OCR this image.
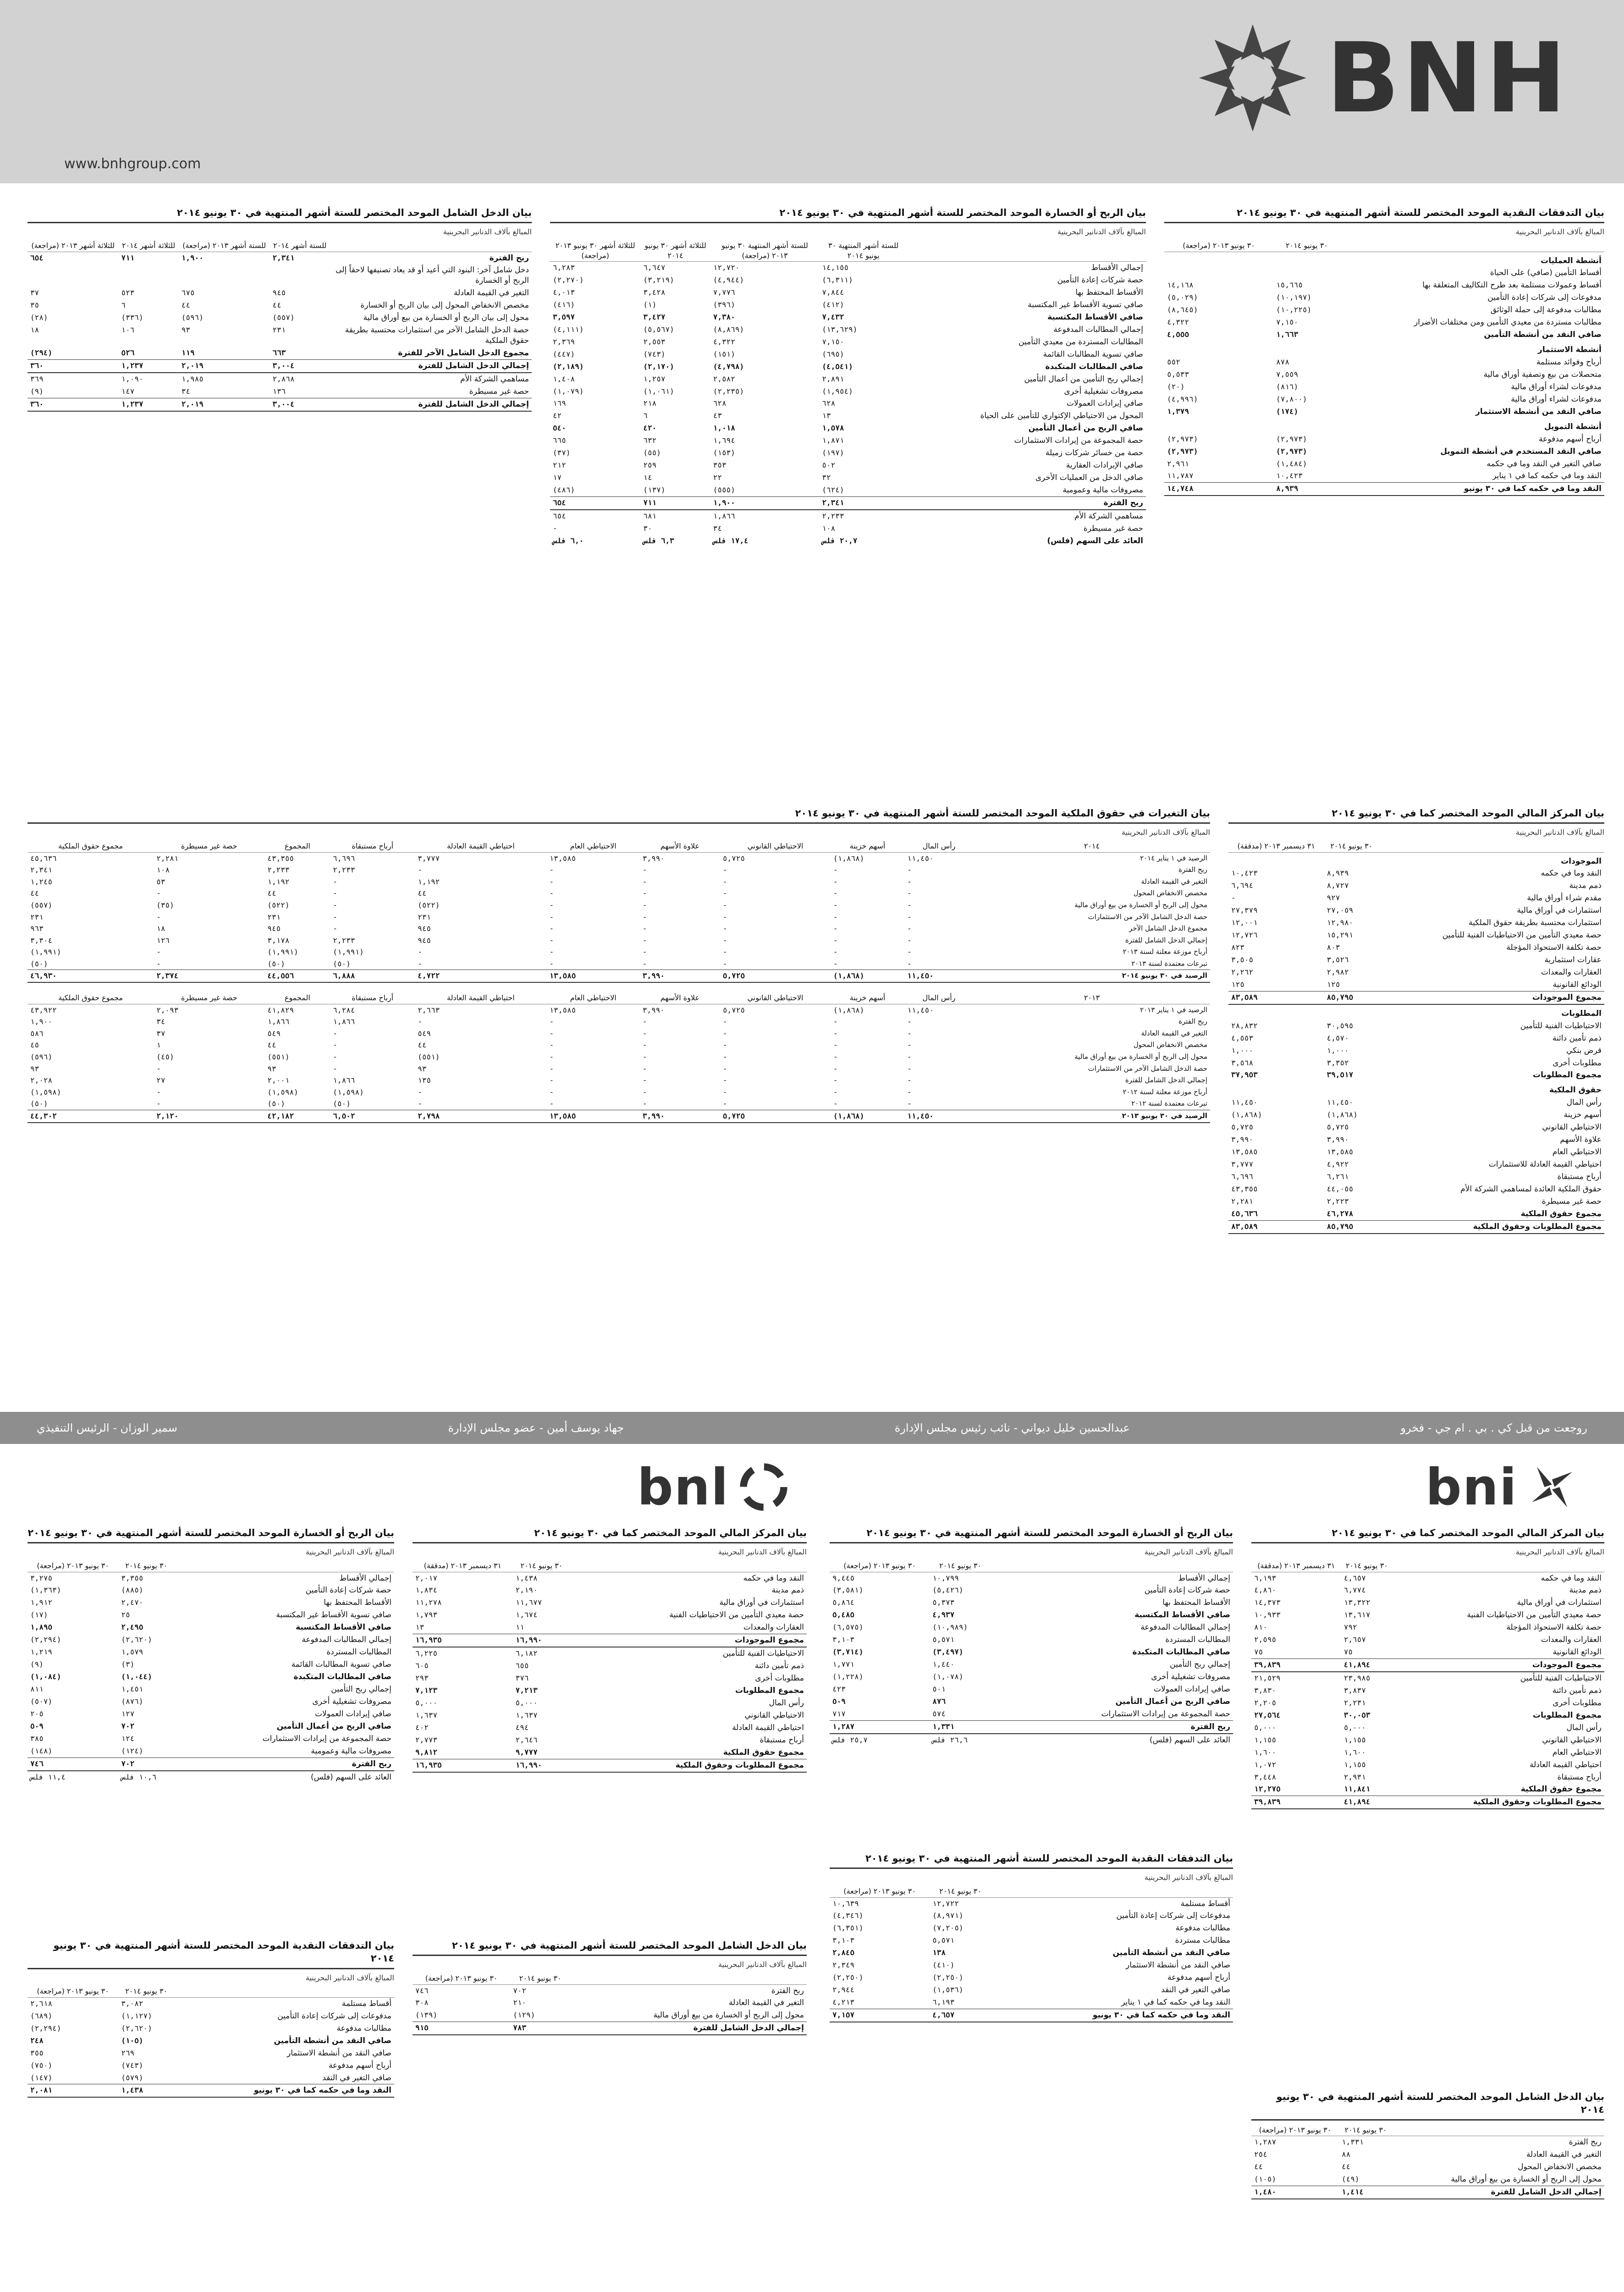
www.bnhgroup.com
BNH
بيان التدفقات النقدية الموحد المختصر للستة أشهر المنتهية في ٣٠ يونيو ٢٠١٤
المبالغ بآلاف الدنانير البحرينية
	٣٠ يونيو ٢٠١٤	٣٠ يونيو ٢٠١٣ (مراجعة)
أنشطة العمليات		
أقساط التأمين (صافي) على الحياة		
أقساط وعمولات مستلمة بعد طرح التكاليف المتعلقة بها	١٥,٦٦٥	١٤,١٦٨
مدفوعات إلى شركات إعادة التأمين	(١٠,١٩٧)	(٥,٠٢٩)
مطالبات مدفوعة إلى حملة الوثائق	(١٠,٢٢٥)	(٨,٦٤٥)
مطالبات مستردة من معيدي التأمين ومن مختلفات الأضرار	٧,١٥٠	٤,٣٢٢
صافي النقد من أنشطة التأمين	١,٦٦٣	٤,٥٥٥
أنشطة الاستثمار		
أرباح وفوائد مستلمة	٨٧٨	٥٥٢
متحصلات من بيع وتصفية أوراق مالية	٧,٥٥٩	٥,٥٣٣
مدفوعات لشراء أوراق مالية	(٨١٦)	(٢٠)
مدفوعات لشراء أوراق مالية	(٧,٨٠٠)	(٤,٩٩٦)
صافي النقد من أنشطة الاستثمار	(١٧٤)	١,٣٧٩
أنشطة التمويل		
أرباح أسهم مدفوعة	(٢,٩٧٣)	(٢,٩٧٣)
صافي النقد المستخدم في أنشطة التمويل	(٢,٩٧٣)	(٢,٩٧٣)
صافي التغير في النقد وما في حكمه	(١,٤٨٤)	٢,٩٦١
النقد وما في حكمه كما في ١ يناير	١٠,٤٢٣	١١,٧٨٧
النقد وما في حكمه كما في ٣٠ يونيو	٨,٩٣٩	١٤,٧٤٨
بيان الربح أو الخسارة الموحد المختصر للستة أشهر المنتهية في ٣٠ يونيو ٢٠١٤
المبالغ بآلاف الدنانير البحرينية
	للستة أشهر المنتهية ٣٠ يونيو ٢٠١٤	للستة أشهر المنتهية ٣٠ يونيو ٢٠١٣ (مراجعة)	للثلاثة أشهر ٣٠ يونيو ٢٠١٤	للثلاثة أشهر ٣٠ يونيو ٢٠١٣ (مراجعة)
إجمالي الأقساط	١٤,١٥٥	١٢,٧٢٠	٦,٦٤٧	٦,٢٨٣
حصة شركات إعادة التأمين	(٦,٣١١)	(٤,٩٤٤)	(٣,٢١٩)	(٢,٢٧٠)
الأقساط المحتفظ بها	٧,٨٤٤	٧,٧٧٦	٣,٤٢٨	٤,٠١٣
صافي تسوية الأقساط غير المكتسبة	(٤١٢)	(٣٩٦)	(١)	(٤١٦)
صافي الأقساط المكتسبة	٧,٤٣٢	٧,٣٨٠	٣,٤٢٧	٣,٥٩٧
إجمالي المطالبات المدفوعة	(١٣,٦٢٩)	(٨,٨٦٩)	(٥,٥٦٧)	(٤,١١١)
المطالبات المستردة من معيدي التأمين	٧,١٥٠	٤,٣٢٢	٢,٥٥٣	٢,٣٦٩
صافي تسوية المطالبات القائمة	(٦٩٥)	(١٥١)	(٧٤٣)	(٤٤٧)
صافي المطالبات المتكبدة	(٤,٥٤١)	(٤,٧٩٨)	(٢,١٧٠)	(٢,١٨٩)
إجمالي ربح التأمين من أعمال التأمين	٢,٨٩١	٢,٥٨٢	١,٢٥٧	١,٤٠٨
مصروفات تشغيلية أخرى	(١,٩٥٤)	(٢,٢٣٥)	(١,٠٦١)	(١,٠٧٩)
صافي إيرادات العمولات	٦٢٨	٦٢٨	٢١٨	١٦٩
المحول من الاحتياطي الإكتواري للتأمين على الحياة	١٣	٤٣	٦	٤٢
صافي الربح من أعمال التأمين	١,٥٧٨	١,٠١٨	٤٢٠	٥٤٠
حصة المجموعة من إيرادات الاستثمارات	١,٨٧١	١,٦٩٤	٦٣٢	٦٦٥
حصة من خسائر شركات زميلة	(١٩٧)	(١٥٣)	(٥٥)	(٣٧)
صافي الإيرادات العقارية	٥٠٢	٣٥٣	٢٥٩	٢١٢
صافي الدخل من العمليات الأخرى	٣٢	٢٢	١٤	١٧
مصروفات مالية وعمومية	(٦٢٤)	(٥٥٥)	(١٣٧)	(٤٨٦)
ربح الفترة	٢,٣٤١	١,٩٠٠	٧١١	٦٥٤
مساهمي الشركة الأم	٢,٢٣٣	١,٨٦٦	٦٨١	٦٥٤
حصة غير مسيطرة	١٠٨	٣٤	٣٠	-
العائد على السهم (فلس)	٢٠,٧ فلس	١٧,٤ فلس	٦,٣ فلس	٦,٠ فلس
بيان الدخل الشامل الموحد المختصر للستة أشهر المنتهية في ٣٠ يونيو ٢٠١٤
المبالغ بآلاف الدنانير البحرينية
	للستة أشهر ٢٠١٤	للستة أشهر ٢٠١٣ (مراجعة)	للثلاثة أشهر ٢٠١٤	للثلاثة أشهر ٢٠١٣ (مراجعة)
ربح الفترة	٢,٣٤١	١,٩٠٠	٧١١	٦٥٤
دخل شامل آخر: البنود التي أعيد أو قد يعاد تصنيفها لاحقاً إلى الربح أو الخسارة				
التغير في القيمة العادلة	٩٤٥	٦٧٥	٥٢٣	٣٧
مخصص الانخفاض المحول إلى بيان الربح أو الخسارة	٤٤	٤٤	٦	٣٥
محول إلى بيان الربح أو الخسارة من بيع أوراق مالية	(٥٥٧)	(٥٩٦)	(٣٣٦)	(٢٨)
حصة الدخل الشامل الآخر من استثمارات محتسبة بطريقة حقوق الملكية	٢٣١	٩٣	١٠٦	١٨
مجموع الدخل الشامل الآخر للفترة	٦٦٣	١١٩	٥٢٦	(٢٩٤)
إجمالي الدخل الشامل للفترة	٣,٠٠٤	٢,٠١٩	١,٢٣٧	٣٦٠
مساهمي الشركة الأم	٢,٨٦٨	١,٩٨٥	١,٠٩٠	٣٦٩
حصة غير مسيطرة	١٣٦	٣٤	١٤٧	(٩)
إجمالي الدخل الشامل للفترة	٣,٠٠٤	٢,٠١٩	١,٢٣٧	٣٦٠
بيان المركز المالي الموحد المختصر كما في ٣٠ يونيو ٢٠١٤
المبالغ بآلاف الدنانير البحرينية
	٣٠ يونيو ٢٠١٤	٣١ ديسمبر ٢٠١٣ (مدققة)
الموجودات		
النقد وما في حكمه	٨,٩٣٩	١٠,٤٢٣
ذمم مدينة	٨,٧٢٧	٦,٦٩٤
مقدم شراء أوراق مالية	٩٢٧	-
استثمارات في أوراق مالية	٢٧,٠٥٩	٢٧,٣٧٩
استثمارات محتسبة بطريقة حقوق الملكية	١٢,٩٨٠	١٢,٠٠١
حصة معيدي التأمين من الاحتياطيات الفنية للتأمين	١٥,٢٩١	١٢,٧٢٦
حصة تكلفة الاستحواذ المؤجلة	٨٠٣	٨٢٣
عقارات استثمارية	٣,٥٢٦	٣,٥٠٥
العقارات والمعدات	٢,٩٨٢	٢,٢٦٢
الودائع القانونية	١٢٥	١٢٥
مجموع الموجودات	٨٥,٧٩٥	٨٣,٥٨٩
المطلوبات		
الاحتياطيات الفنية للتأمين	٣٠,٥٩٥	٢٨,٨٣٢
ذمم تأمين دائنة	٤,٥٧٠	٤,٥٥٣
قرض بنكي	١,٠٠٠	١,٠٠٠
مطلوبات أخرى	٣,٣٥٢	٣,٥٦٨
مجموع المطلوبات	٣٩,٥١٧	٣٧,٩٥٣
حقوق الملكية		
رأس المال	١١,٤٥٠	١١,٤٥٠
أسهم خزينة	(١,٨٦٨)	(١,٨٦٨)
الاحتياطي القانوني	٥,٧٢٥	٥,٧٢٥
علاوة الأسهم	٣,٩٩٠	٣,٩٩٠
الاحتياطي العام	١٣,٥٨٥	١٣,٥٨٥
احتياطي القيمة العادلة للاستثمارات	٤,٩٢٢	٣,٧٧٧
أرباح مستبقاة	٦,٢٦١	٦,٦٩٦
حقوق الملكية العائدة لمساهمي الشركة الأم	٤٤,٠٥٥	٤٣,٣٥٥
حصة غير مسيطرة	٢,٢٢٣	٢,٢٨١
مجموع حقوق الملكية	٤٦,٢٧٨	٤٥,٦٣٦
مجموع المطلوبات وحقوق الملكية	٨٥,٧٩٥	٨٣,٥٨٩
بيان التغيرات في حقوق الملكية الموحد المختصر للستة أشهر المنتهية في ٣٠ يونيو ٢٠١٤
المبالغ بآلاف الدنانير البحرينية
٢٠١٤	رأس المال	أسهم خزينة	الاحتياطي القانوني	علاوة الأسهم	الاحتياطي العام	احتياطي القيمة العادلة	أرباح مستبقاة	المجموع	حصة غير مسيطرة	مجموع حقوق الملكية
الرصيد في ١ يناير ٢٠١٤	١١,٤٥٠	(١,٨٦٨)	٥,٧٢٥	٣,٩٩٠	١٣,٥٨٥	٣,٧٧٧	٦,٦٩٦	٤٣,٣٥٥	٢,٢٨١	٤٥,٦٣٦
ربح الفترة	-	-	-	-	-	-	٢,٢٣٣	٢,٢٣٣	١٠٨	٢,٣٤١
التغير في القيمة العادلة	-	-	-	-	-	١,١٩٢	-	١,١٩٢	٥٣	١,٢٤٥
مخصص الانخفاض المحول	-	-	-	-	-	٤٤	-	٤٤	-	٤٤
محول إلى الربح أو الخسارة من بيع أوراق مالية	-	-	-	-	-	(٥٢٢)	-	(٥٢٢)	(٣٥)	(٥٥٧)
حصة الدخل الشامل الآخر من الاستثمارات	-	-	-	-	-	٢٣١	-	٢٣١	-	٢٣١
مجموع الدخل الشامل الآخر	-	-	-	-	-	٩٤٥	-	٩٤٥	١٨	٩٦٣
إجمالي الدخل الشامل للفترة	-	-	-	-	-	٩٤٥	٢,٢٣٣	٣,١٧٨	١٢٦	٣,٣٠٤
أرباح موزعة معلنة لسنة ٢٠١٣	-	-	-	-	-	-	(١,٩٩١)	(١,٩٩١)	-	(١,٩٩١)
تبرعات معتمدة لسنة ٢٠١٣	-	-	-	-	-	-	(٥٠)	(٥٠)	-	(٥٠)
الرصيد في ٣٠ يونيو ٢٠١٤	١١,٤٥٠	(١,٨٦٨)	٥,٧٢٥	٣,٩٩٠	١٣,٥٨٥	٤,٧٢٢	٦,٨٨٨	٤٤,٥٥٦	٢,٣٧٤	٤٦,٩٣٠
٢٠١٣	رأس المال	أسهم خزينة	الاحتياطي القانوني	علاوة الأسهم	الاحتياطي العام	احتياطي القيمة العادلة	أرباح مستبقاة	المجموع	حصة غير مسيطرة	مجموع حقوق الملكية
الرصيد في ١ يناير ٢٠١٣	١١,٤٥٠	(١,٨٦٨)	٥,٧٢٥	٣,٩٩٠	١٣,٥٨٥	٢,٦٦٣	٦,٢٨٤	٤١,٨٢٩	٢,٠٩٣	٤٣,٩٢٢
ربح الفترة	-	-	-	-	-	-	١,٨٦٦	١,٨٦٦	٣٤	١,٩٠٠
التغير في القيمة العادلة	-	-	-	-	-	٥٤٩	-	٥٤٩	٣٧	٥٨٦
مخصص الانخفاض المحول	-	-	-	-	-	٤٤	-	٤٤	١	٤٥
محول إلى الربح أو الخسارة من بيع أوراق مالية	-	-	-	-	-	(٥٥١)	-	(٥٥١)	(٤٥)	(٥٩٦)
حصة الدخل الشامل الآخر من الاستثمارات	-	-	-	-	-	٩٣	-	٩٣	-	٩٣
إجمالي الدخل الشامل للفترة	-	-	-	-	-	١٣٥	١,٨٦٦	٢,٠٠١	٢٧	٢,٠٢٨
أرباح موزعة معلنة لسنة ٢٠١٢	-	-	-	-	-	-	(١,٥٩٨)	(١,٥٩٨)	-	(١,٥٩٨)
تبرعات معتمدة لسنة ٢٠١٢	-	-	-	-	-	-	(٥٠)	(٥٠)	-	(٥٠)
الرصيد في ٣٠ يونيو ٢٠١٣	١١,٤٥٠	(١,٨٦٨)	٥,٧٢٥	٣,٩٩٠	١٣,٥٨٥	٢,٧٩٨	٦,٥٠٢	٤٢,١٨٢	٢,١٢٠	٤٤,٣٠٢
روجعت من قبل كي . بي . ام جي - فخرو
عبدالحسين خليل ديواني - نائب رئيس مجلس الإدارة
جهاد يوسف أمين - عضو مجلس الإدارة
سمير الوزان - الرئيس التنفيذي
bnl	bni
بيان المركز المالي الموحد المختصر كما في ٣٠ يونيو ٢٠١٤
المبالغ بآلاف الدنانير البحرينية
	٣٠ يونيو ٢٠١٤	٣١ ديسمبر ٢٠١٣ (مدققة)
النقد وما في حكمه	١,٤٣٨	٢,٠١٧
ذمم مدينة	٢,١٩٠	١,٨٣٤
استثمارات في أوراق مالية	١١,٦٧٧	١١,٢٧٨
حصة معيدي التأمين من الاحتياطيات الفنية	١,٦٧٤	١,٧٩٣
العقارات والمعدات	١١	١٣
مجموع الموجودات	١٦,٩٩٠	١٦,٩٣٥
الاحتياطيات الفنية للتأمين	٦,١٨٢	٦,٢٢٥
ذمم تأمين دائنة	٦٥٥	٦٠٥
مطلوبات أخرى	٣٧٦	٢٩٣
مجموع المطلوبات	٧,٢١٣	٧,١٢٣
رأس المال	٥,٠٠٠	٥,٠٠٠
الاحتياطي القانوني	١,٦٣٧	١,٦٣٧
احتياطي القيمة العادلة	٤٩٤	٤٠٢
أرباح مستبقاة	٢,٦٤٦	٢,٧٧٣
مجموع حقوق الملكية	٩,٧٧٧	٩,٨١٢
مجموع المطلوبات وحقوق الملكية	١٦,٩٩٠	١٦,٩٣٥
بيان الربح أو الخسارة الموحد المختصر للستة أشهر المنتهية في ٣٠ يونيو ٢٠١٤
المبالغ بآلاف الدنانير البحرينية
	٣٠ يونيو ٢٠١٤	٣٠ يونيو ٢٠١٣ (مراجعة)
إجمالي الأقساط	٣,٣٥٥	٣,٢٧٥
حصة شركات إعادة التأمين	(٨٨٥)	(١,٣٦٣)
الأقساط المحتفظ بها	٢,٤٧٠	١,٩١٢
صافي تسوية الأقساط غير المكتسبة	٢٥	(١٧)
صافي الأقساط المكتسبة	٢,٤٩٥	١,٨٩٥
إجمالي المطالبات المدفوعة	(٢,٦٢٠)	(٢,٢٩٤)
المطالبات المستردة	١,٥٧٩	١,٢١٩
صافي تسوية المطالبات القائمة	(٣)	(٩)
صافي المطالبات المتكبدة	(١,٠٤٤)	(١,٠٨٤)
إجمالي ربح التأمين	١,٤٥١	٨١١
مصروفات تشغيلية أخرى	(٨٧٦)	(٥٠٧)
صافي إيرادات العمولات	١٢٧	٢٠٥
صافي الربح من أعمال التأمين	٧٠٢	٥٠٩
حصة المجموعة من إيرادات الاستثمارات	١٢٤	٣٨٥
مصروفات مالية وعمومية	(١٢٤)	(١٤٨)
ربح الفترة	٧٠٢	٧٤٦
العائد على السهم (فلس)	١٠,٦ فلس	١١,٤ فلس
بيان التدفقات النقدية الموحد المختصر للستة أشهر المنتهية في ٣٠ يونيو ٢٠١٤
المبالغ بآلاف الدنانير البحرينية
	٣٠ يونيو ٢٠١٤	٣٠ يونيو ٢٠١٣ (مراجعة)
أقساط مستلمة	٣,٠٨٢	٢,٦١٨
مدفوعات إلى شركات إعادة التأمين	(١,١٢٧)	(٦٨٩)
مطالبات مدفوعة	(٢,٦٢٠)	(٢,٢٩٤)
صافي النقد من أنشطة التأمين	(١٠٥)	٢٤٨
صافي النقد من أنشطة الاستثمار	٢٦٩	٣٥٥
أرباح أسهم مدفوعة	(٧٤٣)	(٧٥٠)
صافي التغير في النقد	(٥٧٩)	(١٤٧)
النقد وما في حكمه كما في ٣٠ يونيو	١,٤٣٨	٢,٠٨١
بيان الدخل الشامل الموحد المختصر للستة أشهر المنتهية في ٣٠ يونيو ٢٠١٤
المبالغ بآلاف الدنانير البحرينية
	٣٠ يونيو ٢٠١٤	٣٠ يونيو ٢٠١٣ (مراجعة)
ربح الفترة	٧٠٢	٧٤٦
التغير في القيمة العادلة	٢١٠	٣٠٨
محول إلى الربح أو الخسارة من بيع أوراق مالية	(١٢٩)	(١٣٩)
إجمالي الدخل الشامل للفترة	٧٨٣	٩١٥

بيان المركز المالي الموحد المختصر كما في ٣٠ يونيو ٢٠١٤
المبالغ بآلاف الدنانير البحرينية
	٣٠ يونيو ٢٠١٤	٣١ ديسمبر ٢٠١٣ (مدققة)
النقد وما في حكمه	٤,٦٥٧	٦,١٩٣
ذمم مدينة	٦,٧٧٤	٤,٨٦٠
استثمارات في أوراق مالية	١٣,٣٢٢	١٤,٣٧٣
حصة معيدي التأمين من الاحتياطيات الفنية	١٣,٦١٧	١٠,٩٣٣
حصة تكلفة الاستحواذ المؤجلة	٧٩٢	٨١٠
العقارات والمعدات	٢,٦٥٧	٢,٥٩٥
الودائع القانونية	٧٥	٧٥
مجموع الموجودات	٤١,٨٩٤	٣٩,٨٣٩
الاحتياطيات الفنية للتأمين	٢٣,٩٨٥	٢١,٥٢٩
ذمم تأمين دائنة	٣,٨٣٧	٣,٨٣٠
مطلوبات أخرى	٢,٢٣١	٢,٢٠٥
مجموع المطلوبات	٣٠,٠٥٣	٢٧,٥٦٤
رأس المال	٥,٠٠٠	٥,٠٠٠
الاحتياطي القانوني	١,١٥٥	١,١٥٥
الاحتياطي العام	١,٦٠٠	١,٦٠٠
احتياطي القيمة العادلة	١,١٥٥	١,٠٧٢
أرباح مستبقاة	٢,٩٣١	٣,٤٤٨
مجموع حقوق الملكية	١١,٨٤١	١٢,٢٧٥
مجموع المطلوبات وحقوق الملكية	٤١,٨٩٤	٣٩,٨٣٩
بيان الربح أو الخسارة الموحد المختصر للستة أشهر المنتهية في ٣٠ يونيو ٢٠١٤
المبالغ بآلاف الدنانير البحرينية
	٣٠ يونيو ٢٠١٤	٣٠ يونيو ٢٠١٣ (مراجعة)
إجمالي الأقساط	١٠,٧٩٩	٩,٤٤٥
حصة شركات إعادة التأمين	(٥,٤٢٦)	(٣,٥٨١)
الأقساط المحتفظ بها	٥,٣٧٣	٥,٨٦٤
صافي الأقساط المكتسبة	٤,٩٣٧	٥,٤٨٥
إجمالي المطالبات المدفوعة	(١٠,٩٨٩)	(٦,٥٧٥)
المطالبات المستردة	٥,٥٧١	٣,١٠٣
صافي المطالبات المتكبدة	(٣,٤٩٧)	(٣,٧١٤)
إجمالي ربح التأمين	١,٤٤٠	١,٧٧١
مصروفات تشغيلية أخرى	(١,٠٧٨)	(١,٢٢٨)
صافي إيرادات العمولات	٥٠١	٤٢٣
صافي الربح من أعمال التأمين	٨٧٦	٥٠٩
حصة المجموعة من إيرادات الاستثمارات	٥٧٤	٧١٧
ربح الفترة	١,٣٣١	١,٢٨٧
العائد على السهم (فلس)	٢٦,٦ فلس	٢٥,٧ فلس
بيان التدفقات النقدية الموحد المختصر للستة أشهر المنتهية في ٣٠ يونيو ٢٠١٤
المبالغ بآلاف الدنانير البحرينية
	٣٠ يونيو ٢٠١٤	٣٠ يونيو ٢٠١٣ (مراجعة)
أقساط مستلمة	١٢,٧٢٢	١٠,٦٣٩
مدفوعات إلى شركات إعادة التأمين	(٨,٩٧١)	(٤,٣٤٦)
مطالبات مدفوعة	(٧,٢٠٥)	(٦,٣٥١)
مطالبات مستردة	٥,٥٧١	٣,١٠٣
صافي النقد من أنشطة التأمين	١٣٨	٢,٨٤٥
صافي النقد من أنشطة الاستثمار	(٤١٠)	٢,٣٤٩
أرباح أسهم مدفوعة	(٢,٢٥٠)	(٢,٢٥٠)
صافي التغير في النقد	(١,٥٣٦)	٢,٩٤٤
النقد وما في حكمه كما في ١ يناير	٦,١٩٣	٤,٢١٣
النقد وما في حكمه كما في ٣٠ يونيو	٤,٦٥٧	٧,١٥٧
بيان الدخل الشامل الموحد المختصر للستة أشهر المنتهية في ٣٠ يونيو ٢٠١٤
	٣٠ يونيو ٢٠١٤	٣٠ يونيو ٢٠١٣ (مراجعة)
ربح الفترة	١,٣٣١	١,٢٨٧
التغير في القيمة العادلة	٨٨	٢٥٤
مخصص الانخفاض المحول	٤٤	٤٤
محول إلى الربح أو الخسارة من بيع أوراق مالية	(٤٩)	(١٠٥)
إجمالي الدخل الشامل للفترة	١,٤١٤	١,٤٨٠
